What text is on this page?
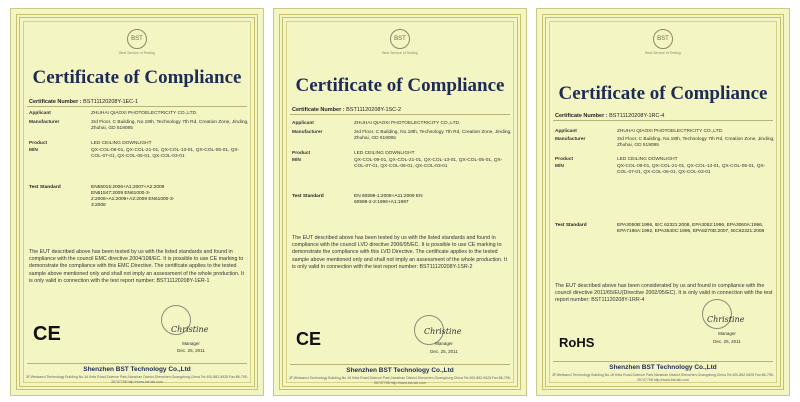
BST
Best Service of Testing
Certificate of Compliance
Certificate Number : BST11120208Y-1EC-1
Applicant	ZHUHAI QIAOXI PHOTOELECTRICITY CO.,LTD.
Manufacturer	3rd Floor, C Building, No.18th, Technology 7th Rd, Creation Zone, Jinding, Zhuhai, GD 519085
Product	LED CEILING DOWNLIGHT
M/N	QX-COL-09-01, QX-COL-21-01, QX-COL-13-01, QX-COL-05-01, QX-COL-07-01, QX-COL-06-01, QX-COL-03-01
Test Standard	EN55015:2006+A1:2007+A2:2009 EN61547:2009 EN61000-3-2:2006+A1:2009+A2:2009 EN61000-3-3:2008
The EUT described above has been tested by us with the listed standards and found in compliance with the council EMC directive 2004/108/EC. It is possible to use CE marking to demonstrate the compliance with this EMC Directive. The certificate applies to the tested sample above mentioned only and shall not imply an assessment of the whole production. It is only valid in connection with the test report number: BST11120208Y-1ER-1
CE	Christine
Manager
Dec. 25, 2011
Shenzhen BST Technology Co.,Ltd
3F,Weiwanxi Technology Building,No.16 Keta Road,Science Park,Nanshan District,Shenzhen,Guangdong,China Tel:400-882-9628 Fax:86-755-26747798 http://www.bst-lab.com
BST
Best Service of Testing
Certificate of Compliance
Certificate Number : BST11120208Y-1SC-2
Applicant	ZHUHAI QIAOXI PHOTOELECTRICITY CO.,LTD.
Manufacturer	3rd Floor, C Building, No.18th, Technology 7th Rd, Creation Zone, Jinding, Zhuhai, GD 519085
Product	LED CEILING DOWNLIGHT
M/N	QX-COL-09-01, QX-COL-21-01, QX-COL-13-01, QX-COL-05-01, QX-COL-07-01, QX-COL-06-01, QX-COL-03-01
Test Standard	EN 60598-1:2008+A11:2009 EN 60598-2-2:1996+A1:1997
The EUT described above has been tested by us with the listed standards and found in compliance with the council LVD directive 2006/95/EC. It is possible to use CE marking to demonstrate the compliance with this LVD Directive. The certificate applies to the tested sample above mentioned only and shall not imply an assessment of the whole production. It is only valid in connection with the test report number: BST11120208Y-1SR-2
CE	Christine
Manager
Dec. 25, 2011
Shenzhen BST Technology Co.,Ltd
3F,Weiwanxi Technology Building,No.16 Keta Road,Science Park,Nanshan District,Shenzhen,Guangdong,China Tel:400-882-9628 Fax:86-755-26747798 http://www.bst-lab.com
BST
Best Service of Testing
Certificate of Compliance
Certificate Number : BST11120208Y-1RC-4
Applicant	ZHUHAI QIAOXI PHOTOELECTRICITY CO.,LTD.
Manufacturer	3rd Floor, C Building, No.18th, Technology 7th Rd, Creation Zone, Jinding, Zhuhai, GD 519085
Product	LED CEILING DOWNLIGHT
M/N	QX-COL-09-01, QX-COL-21-01, QX-COL-13-01, QX-COL-05-01, QX-COL-07-01, QX-COL-06-01, QX-COL-03-01
Test Standard	EPA3050B:1996, IEC 62321:2008, EPA3052:1996, EPA3060A:1996, EPA7196A:1992, EPA3540C:1996, EPA8270D:2007, IEC62321:2008
The EUT described above has been considerated by us and found in compliance with the council directive 2011/65/EU(Directive 2002/95/EC). It is only valid in connection with the test report number: BST11120208Y-1RR-4
RoHS
Christine
Manager
Dec. 25, 2011
Shenzhen BST Technology Co.,Ltd
3F,Weiwanxi Technology Building,No.16 Keta Road,Science Park,Nanshan District,Shenzhen,Guangdong,China Tel:400-882-9628 Fax:86-755-26747798 http://www.bst-lab.com
